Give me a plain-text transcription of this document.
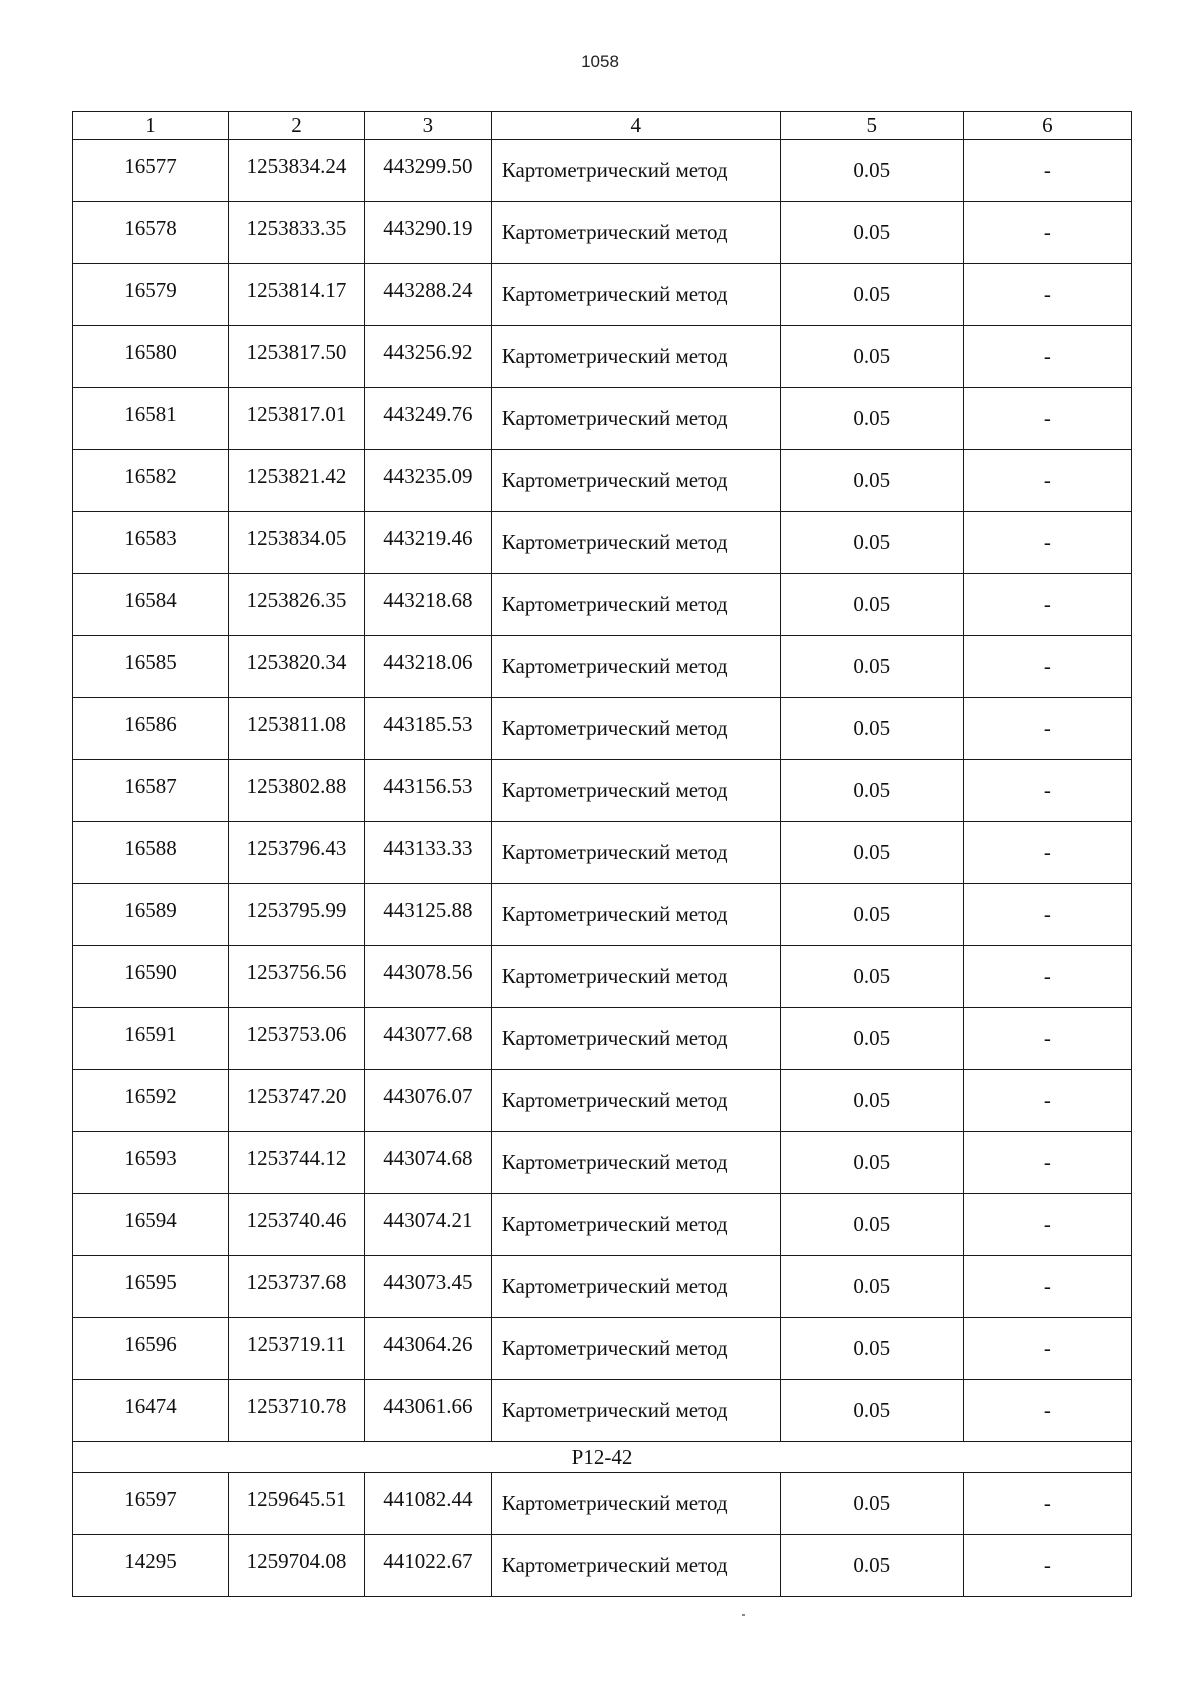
1058
1	2	3	4	5	6
16577	1253834.24	443299.50	Картометрический метод	0.05	-
16578	1253833.35	443290.19	Картометрический метод	0.05	-
16579	1253814.17	443288.24	Картометрический метод	0.05	-
16580	1253817.50	443256.92	Картометрический метод	0.05	-
16581	1253817.01	443249.76	Картометрический метод	0.05	-
16582	1253821.42	443235.09	Картометрический метод	0.05	-
16583	1253834.05	443219.46	Картометрический метод	0.05	-
16584	1253826.35	443218.68	Картометрический метод	0.05	-
16585	1253820.34	443218.06	Картометрический метод	0.05	-
16586	1253811.08	443185.53	Картометрический метод	0.05	-
16587	1253802.88	443156.53	Картометрический метод	0.05	-
16588	1253796.43	443133.33	Картометрический метод	0.05	-
16589	1253795.99	443125.88	Картометрический метод	0.05	-
16590	1253756.56	443078.56	Картометрический метод	0.05	-
16591	1253753.06	443077.68	Картометрический метод	0.05	-
16592	1253747.20	443076.07	Картометрический метод	0.05	-
16593	1253744.12	443074.68	Картометрический метод	0.05	-
16594	1253740.46	443074.21	Картометрический метод	0.05	-
16595	1253737.68	443073.45	Картометрический метод	0.05	-
16596	1253719.11	443064.26	Картометрический метод	0.05	-
16474	1253710.78	443061.66	Картометрический метод	0.05	-
Р12-42					
16597	1259645.51	441082.44	Картометрический метод	0.05	-
14295	1259704.08	441022.67	Картометрический метод	0.05	-
